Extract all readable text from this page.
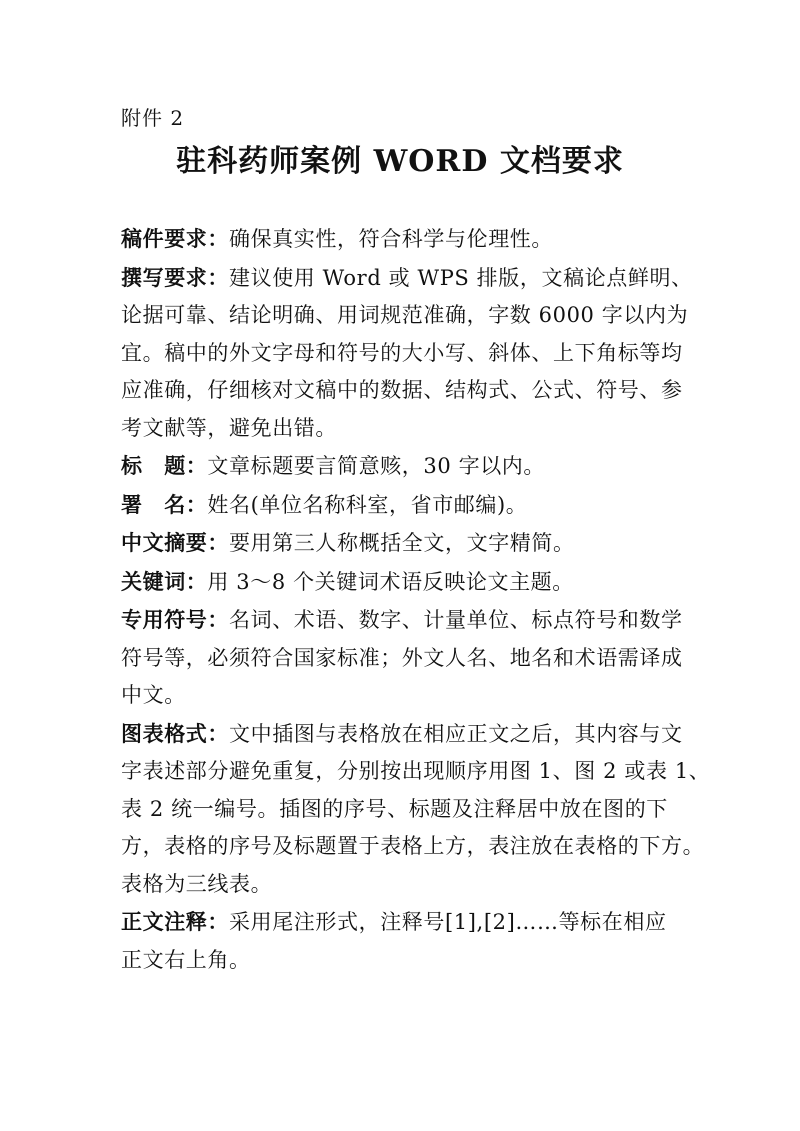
附件 2
驻科药师案例 WORD 文档要求

稿件要求：确保真实性，符合科学与伦理性。

撰写要求：建议使用 Word 或 WPS 排版，文稿论点鲜明、
论据可靠、结论明确、用词规范准确，字数 6000 字以内为
宜。稿中的外文字母和符号的大小写、斜体、上下角标等均
应准确，仔细核对文稿中的数据、结构式、公式、符号、参
考文献等，避免出错。

标　题：文章标题要言简意赅，30 字以内。

署　名：姓名(单位名称科室，省市邮编)。

中文摘要：要用第三人称概括全文，文字精简。

关键词：用 3～8 个关键词术语反映论文主题。

专用符号：名词、术语、数字、计量单位、标点符号和数学
符号等，必须符合国家标准；外文人名、地名和术语需译成
中文。

图表格式：文中插图与表格放在相应正文之后，其内容与文
字表述部分避免重复，分别按出现顺序用图 1、图 2 或表 1、
表 2 统一编号。插图的序号、标题及注释居中放在图的下
方，表格的序号及标题置于表格上方，表注放在表格的下方。
表格为三线表。

正文注释：采用尾注形式，注释号[1],[2]……等标在相应
正文右上角。
